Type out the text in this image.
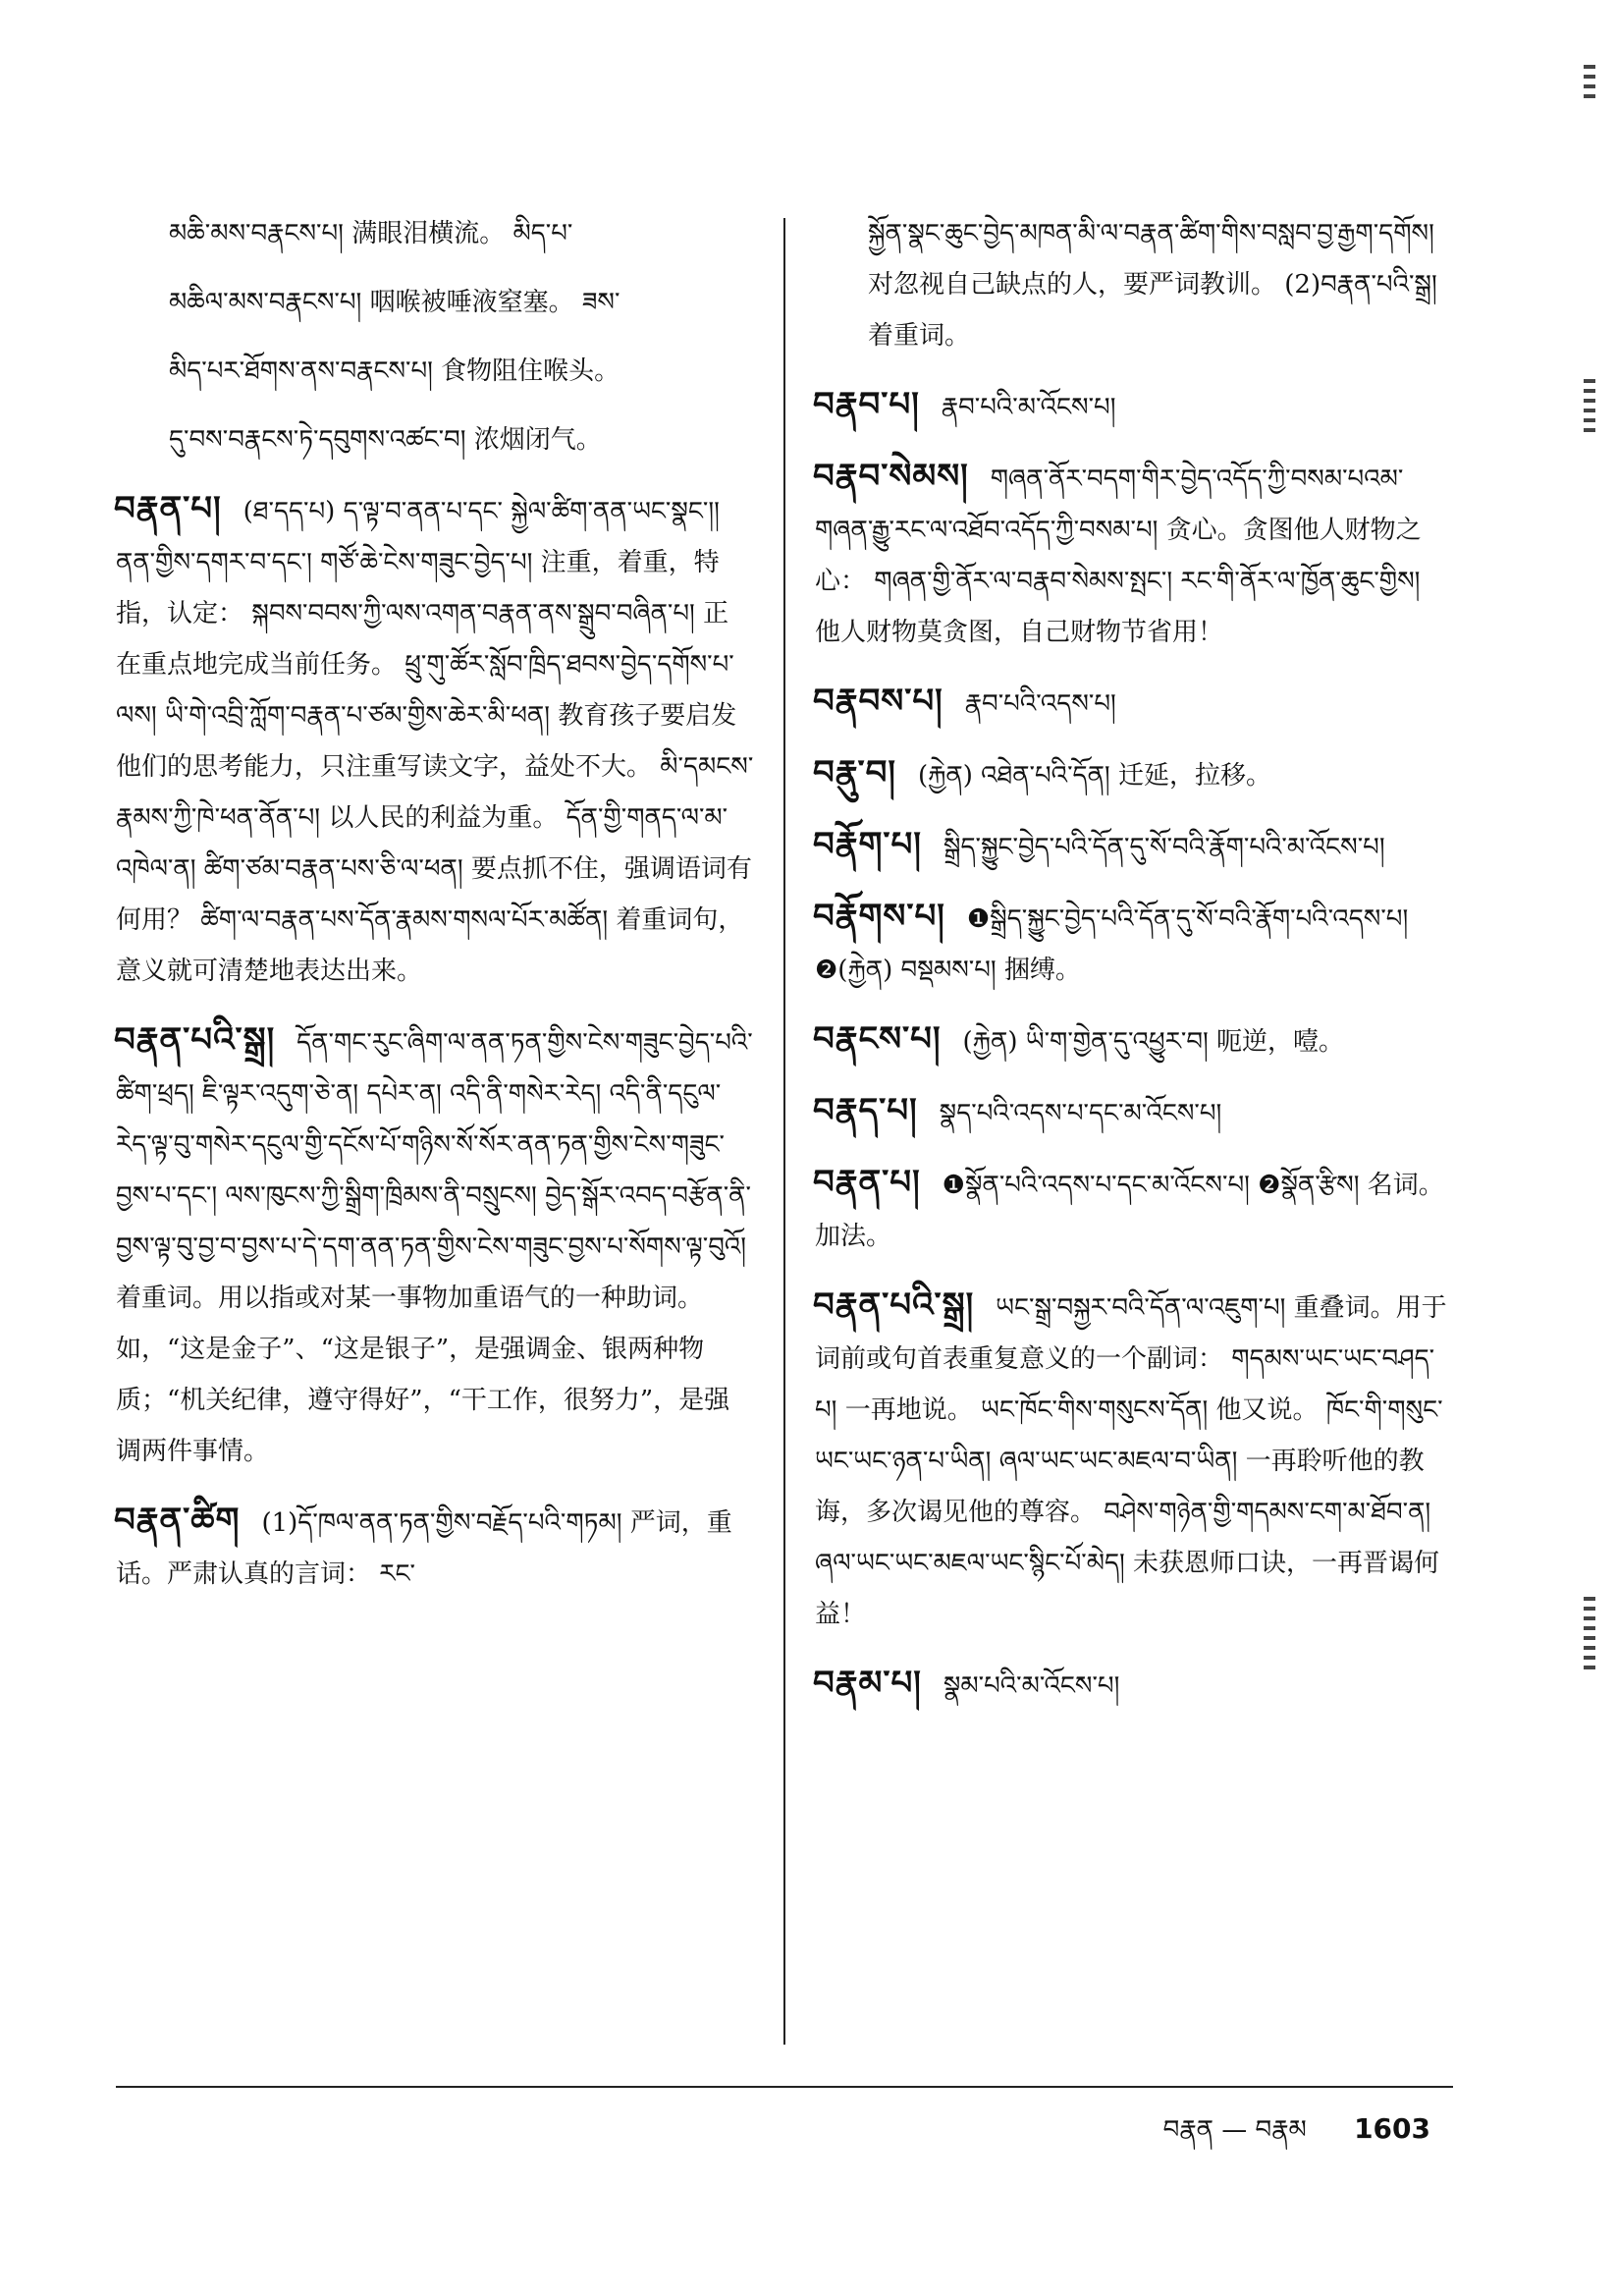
མཆི་མས་བརྣངས་པ། 满眼泪横流。 མིད་པ་
མཆིལ་མས་བརྣངས་པ། 咽喉被唾液窒塞。 ཟས་
མིད་པར་ཐོགས་ནས་བརྣངས་པ། 食物阻住喉头。
དུ་བས་བརྣངས་ཏེ་དབུགས་འཚང་བ། 浓烟闭气。
བརྣན་པ། (ཐ་དད་པ) ད་ལྟ་བ་ནན་པ་དང་ སྐྱེལ་ཚིག་ནན་ཡང་སྣང་།། ནན་གྱིས་དགར་བ་དང་། གཙོ་ཆེ་ངེས་གཟུང་བྱེད་པ། 注重，着重，特指，认定： སྐབས་བབས་ཀྱི་ལས་འགན་བརྣན་ནས་སྒྲུབ་བཞིན་པ། 正在重点地完成当前任务。 ཕྲུ་གུ་ཚོར་སློབ་ཁྲིད་ཐབས་བྱེད་དགོས་པ་ལས། ཡི་གེ་འབྲི་ཀློག་བརྣན་པ་ཙམ་གྱིས་ཆེར་མི་ཕན། 教育孩子要启发他们的思考能力，只注重写读文字，益处不大。 མི་དམངས་རྣམས་ཀྱི་ཁེ་ཕན་ནོན་པ། 以人民的利益为重。 དོན་གྱི་གནད་ལ་མ་འཁེལ་ན། ཚིག་ཙམ་བརྣན་པས་ཅི་ལ་ཕན། 要点抓不住，强调语词有何用？ ཚིག་ལ་བརྣན་པས་དོན་རྣམས་གསལ་པོར་མཚོན། 着重词句，意义就可清楚地表达出来。
བརྣན་པའི་སྒྲ། དོན་གང་རུང་ཞིག་ལ་ནན་ཏན་གྱིས་ངེས་གཟུང་བྱེད་པའི་ཚིག་ཕྲད། ཇི་ལྟར་འདུག་ཅེ་ན། དཔེར་ན། འདི་ནི་གསེར་རེད། འདི་ནི་དངུལ་རེད་ལྟ་བུ་གསེར་དངུལ་གྱི་དངོས་པོ་གཉིས་སོ་སོར་ནན་ཏན་གྱིས་ངེས་གཟུང་བྱས་པ་དང་། ལས་ཁུངས་ཀྱི་སྒྲིག་ཁྲིམས་ནི་བསྲུངས། བྱེད་སྒོར་འབད་བརྩོན་ནི་བྱས་ལྟ་བུ་བྱ་བ་བྱས་པ་དེ་དག་ནན་ཏན་གྱིས་ངེས་གཟུང་བྱས་པ་སོགས་ལྟ་བུའོ། 着重词。用以指或对某一事物加重语气的一种助词。如，“这是金子”、“这是银子”，是强调金、银两种物质；“机关纪律，遵守得好”，“干工作，很努力”，是强调两件事情。
བརྣན་ཚིག (1)དོ་ཁལ་ནན་ཏན་གྱིས་བརྗོད་པའི་གཏམ། 严词，重话。严肃认真的言词： རང་
སྐྱོན་སྣང་ཆུང་བྱེད་མཁན་མི་ལ་བརྣན་ཚིག་གིས་བསླབ་བྱ་རྒྱག་དགོས། 对忽视自己缺点的人，要严词教训。 (2)བརྣན་པའི་སྒྲ། 着重词。
བརྣབ་པ། རྣབ་པའི་མ་འོངས་པ།
བརྣབ་སེམས། གཞན་ནོར་བདག་གིར་བྱེད་འདོད་ཀྱི་བསམ་པའམ་གཞན་རྒྱུ་རང་ལ་འཐོབ་འདོད་ཀྱི་བསམ་པ། 贪心。贪图他人财物之心： གཞན་གྱི་ནོར་ལ་བརྣབ་སེམས་སྤང་། རང་གི་ནོར་ལ་ཁྱོན་ཆུང་གྱིས། 他人财物莫贪图，自己财物节省用！
བརྣབས་པ། རྣབ་པའི་འདས་པ།
བརྣུ་བ། (རྐྱེན) འཐེན་པའི་དོན། 迁延，拉移。
བརྣོག་པ། སྒྲིད་སྐྱུང་བྱེད་པའི་དོན་དུ་སོ་བའི་རྣོག་པའི་མ་འོངས་པ།
བརྣོགས་པ། ❶སྒྲིད་སྐྱུང་བྱེད་པའི་དོན་དུ་སོ་བའི་རྣོག་པའི་འདས་པ། ❷(རྐྱེན) བསྡམས་པ། 捆缚。
བརྣངས་པ། (རྐྱེན) ཡི་ག་གྱེན་དུ་འཕྱུར་བ། 呃逆，噎。
བརྣད་པ། སྣད་པའི་འདས་པ་དང་མ་འོངས་པ།
བརྣན་པ། ❶སྣོན་པའི་འདས་པ་དང་མ་འོངས་པ། ❷སྣོན་རྩིས། 名词。加法。
བརྣན་པའི་སྒྲ། ཡང་སྒྲ་བསྐྱར་བའི་དོན་ལ་འཇུག་པ། 重叠词。用于词前或句首表重复意义的一个副词： གདམས་ཡང་ཡང་བཤད་པ། 一再地说。 ཡང་ཁོང་གིས་གསུངས་དོན། 他又说。 ཁོང་གི་གསུང་ཡང་ཡང་ཉན་པ་ཡིན། ཞལ་ཡང་ཡང་མཇལ་བ་ཡིན། 一再聆听他的教诲，多次谒见他的尊容。 བཤེས་གཉེན་གྱི་གདམས་ངག་མ་ཐོབ་ན། ཞལ་ཡང་ཡང་མཇལ་ཡང་སྙིང་པོ་མེད། 未获恩师口诀，一再晋谒何益！
བརྣམ་པ། སྣམ་པའི་མ་འོངས་པ།
བརྣན — བརྣམ 1603
